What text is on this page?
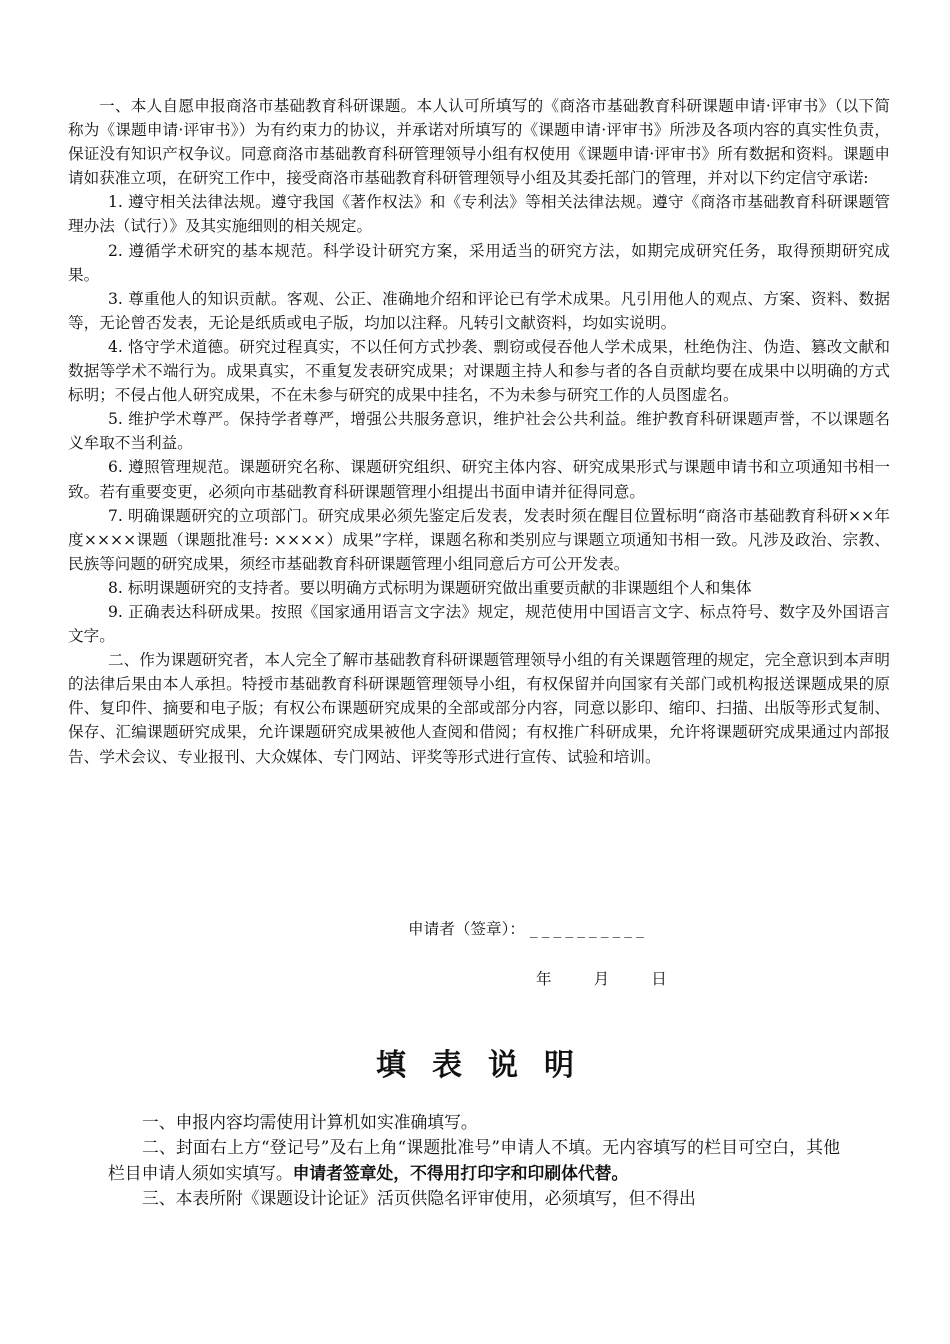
一、本人自愿申报商洛市基础教育科研课题。本人认可所填写的《商洛市基础教育科研课题申请·评审书》（以下简称为《课题申请·评审书》）为有约束力的协议，并承诺对所填写的《课题申请·评审书》所涉及各项内容的真实性负责，保证没有知识产权争议。同意商洛市基础教育科研管理领导小组有权使用《课题申请·评审书》所有数据和资料。课题申请如获准立项，在研究工作中，接受商洛市基础教育科研管理领导小组及其委托部门的管理，并对以下约定信守承诺:

1. 遵守相关法律法规。遵守我国《著作权法》和《专利法》等相关法律法规。遵守《商洛市基础教育科研课题管理办法（试行）》及其实施细则的相关规定。

2. 遵循学术研究的基本规范。科学设计研究方案，采用适当的研究方法，如期完成研究任务，取得预期研究成果。

3. 尊重他人的知识贡献。客观、公正、准确地介绍和评论已有学术成果。凡引用他人的观点、方案、资料、数据等，无论曾否发表，无论是纸质或电子版，均加以注释。凡转引文献资料，均如实说明。

4. 恪守学术道德。研究过程真实，不以任何方式抄袭、剽窃或侵吞他人学术成果，杜绝伪注、伪造、篡改文献和数据等学术不端行为。成果真实，不重复发表研究成果；对课题主持人和参与者的各自贡献均要在成果中以明确的方式标明；不侵占他人研究成果，不在未参与研究的成果中挂名，不为未参与研究工作的人员图虚名。

5. 维护学术尊严。保持学者尊严，增强公共服务意识，维护社会公共利益。维护教育科研课题声誉，不以课题名义牟取不当利益。

6. 遵照管理规范。课题研究名称、课题研究组织、研究主体内容、研究成果形式与课题申请书和立项通知书相一致。若有重要变更，必须向市基础教育科研课题管理小组提出书面申请并征得同意。

7. 明确课题研究的立项部门。研究成果必须先鉴定后发表，发表时须在醒目位置标明“商洛市基础教育科研××年度××××课题（课题批准号: ××××）成果”字样，课题名称和类别应与课题立项通知书相一致。凡涉及政治、宗教、民族等问题的研究成果，须经市基础教育科研课题管理小组同意后方可公开发表。

8. 标明课题研究的支持者。要以明确方式标明为课题研究做出重要贡献的非课题组个人和集体

9. 正确表达科研成果。按照《国家通用语言文字法》规定，规范使用中国语言文字、标点符号、数字及外国语言文字。

二、作为课题研究者，本人完全了解市基础教育科研课题管理领导小组的有关课题管理的规定，完全意识到本声明的法律后果由本人承担。特授市基础教育科研课题管理领导小组，有权保留并向国家有关部门或机构报送课题成果的原件、复印件、摘要和电子版；有权公布课题研究成果的全部或部分内容，同意以影印、缩印、扫描、出版等形式复制、保存、汇编课题研究成果，允许课题研究成果被他人查阅和借阅；有权推广科研成果，允许将课题研究成果通过内部报告、学术会议、专业报刊、大众媒体、专门网站、评奖等形式进行宣传、试验和培训。

申请者（签章）： __________
年	月	日
填 表 说 明

一、申报内容均需使用计算机如实准确填写。

二、封面右上方“登记号”及右上角“课题批准号”申请人不填。无内容填写的栏目可空白，其他栏目申请人须如实填写。申请者签章处，不得用打印字和印刷体代替。

三、本表所附《课题设计论证》活页供隐名评审使用，必须填写，但不得出
